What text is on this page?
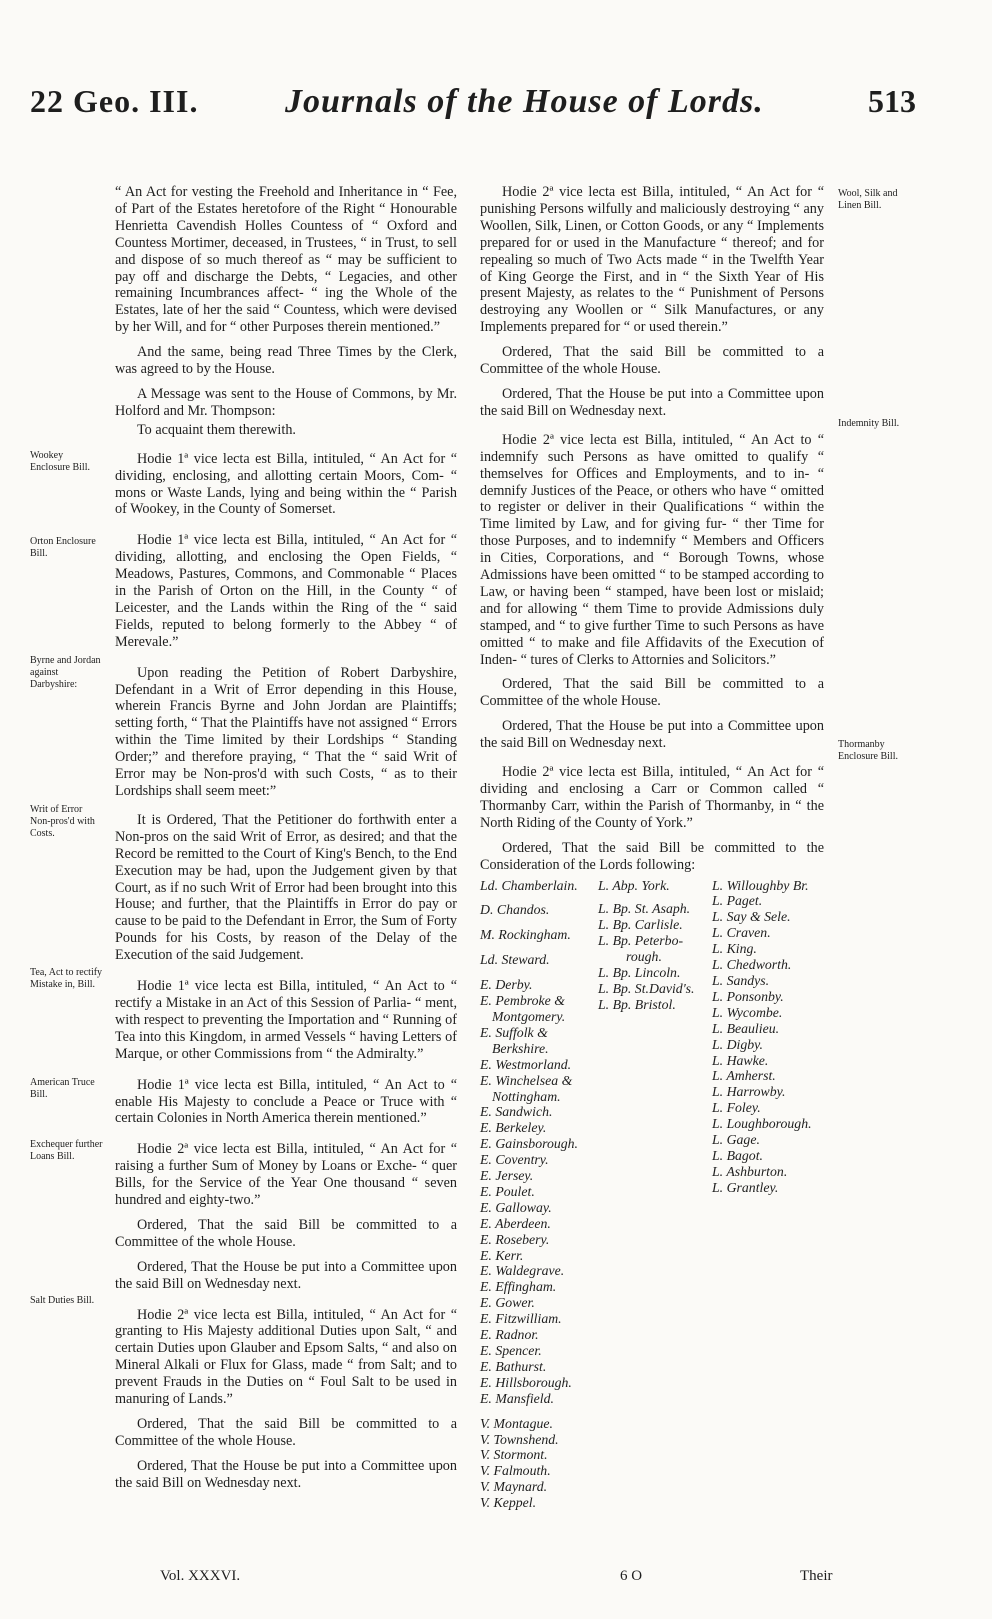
22 Geo. III.	Journals of the House of Lords.	513
Wookey Enclosure Bill.
Orton Enclosure Bill.
Byrne and Jordan against Darbyshire:
Writ of Error Non-pros'd with Costs.
Tea, Act to rectify Mistake in, Bill.
American Truce Bill.
Exchequer further Loans Bill.
Salt Duties Bill.
Wool, Silk and Linen Bill.
Indemnity Bill.
Thormanby Enclosure Bill.

“ An Act for vesting the Freehold and Inheritance in “ Fee, of Part of the Estates heretofore of the Right “ Honourable Henrietta Cavendish Holles Countess of “ Oxford and Countess Mortimer, deceased, in Trustees, “ in Trust, to sell and dispose of so much thereof as “ may be sufficient to pay off and discharge the Debts, “ Legacies, and other remaining Incumbrances affect- “ ing the Whole of the Estates, late of her the said “ Countess, which were devised by her Will, and for “ other Purposes therein mentioned.”

And the same, being read Three Times by the Clerk, was agreed to by the House.

A Message was sent to the House of Commons, by Mr. Holford and Mr. Thompson:

To acquaint them therewith.

Hodie 1ª vice lecta est Billa, intituled, “ An Act for “ dividing, enclosing, and allotting certain Moors, Com- “ mons or Waste Lands, lying and being within the “ Parish of Wookey, in the County of Somerset.

Hodie 1ª vice lecta est Billa, intituled, “ An Act for “ dividing, allotting, and enclosing the Open Fields, “ Meadows, Pastures, Commons, and Commonable “ Places in the Parish of Orton on the Hill, in the County “ of Leicester, and the Lands within the Ring of the “ said Fields, reputed to belong formerly to the Abbey “ of Merevale.”

Upon reading the Petition of Robert Darbyshire, Defendant in a Writ of Error depending in this House, wherein Francis Byrne and John Jordan are Plaintiffs; setting forth, “ That the Plaintiffs have not assigned “ Errors within the Time limited by their Lordships “ Standing Order;” and therefore praying, “ That the “ said Writ of Error may be Non-pros'd with such Costs, “ as to their Lordships shall seem meet:”

It is Ordered, That the Petitioner do forthwith enter a Non-pros on the said Writ of Error, as desired; and that the Record be remitted to the Court of King's Bench, to the End Execution may be had, upon the Judgement given by that Court, as if no such Writ of Error had been brought into this House; and further, that the Plaintiffs in Error do pay or cause to be paid to the Defendant in Error, the Sum of Forty Pounds for his Costs, by reason of the Delay of the Execution of the said Judgement.

Hodie 1ª vice lecta est Billa, intituled, “ An Act to “ rectify a Mistake in an Act of this Session of Parlia- “ ment, with respect to preventing the Importation and “ Running of Tea into this Kingdom, in armed Vessels “ having Letters of Marque, or other Commissions from “ the Admiralty.”

Hodie 1ª vice lecta est Billa, intituled, “ An Act to “ enable His Majesty to conclude a Peace or Truce with “ certain Colonies in North America therein mentioned.”

Hodie 2ª vice lecta est Billa, intituled, “ An Act for “ raising a further Sum of Money by Loans or Exche- “ quer Bills, for the Service of the Year One thousand “ seven hundred and eighty-two.”

Ordered, That the said Bill be committed to a Committee of the whole House.

Ordered, That the House be put into a Committee upon the said Bill on Wednesday next.

Hodie 2ª vice lecta est Billa, intituled, “ An Act for “ granting to His Majesty additional Duties upon Salt, “ and certain Duties upon Glauber and Epsom Salts, “ and also on Mineral Alkali or Flux for Glass, made “ from Salt; and to prevent Frauds in the Duties on “ Foul Salt to be used in manuring of Lands.”

Ordered, That the said Bill be committed to a Committee of the whole House.

Ordered, That the House be put into a Committee upon the said Bill on Wednesday next.

Hodie 2ª vice lecta est Billa, intituled, “ An Act for “ punishing Persons wilfully and maliciously destroying “ any Woollen, Silk, Linen, or Cotton Goods, or any “ Implements prepared for or used in the Manufacture “ thereof; and for repealing so much of Two Acts made “ in the Twelfth Year of King George the First, and in “ the Sixth Year of His present Majesty, as relates to the “ Punishment of Persons destroying any Woollen or “ Silk Manufactures, or any Implements prepared for “ or used therein.”

Ordered, That the said Bill be committed to a Committee of the whole House.

Ordered, That the House be put into a Committee upon the said Bill on Wednesday next.

Hodie 2ª vice lecta est Billa, intituled, “ An Act to “ indemnify such Persons as have omitted to qualify “ themselves for Offices and Employments, and to in- “ demnify Justices of the Peace, or others who have “ omitted to register or deliver in their Qualifications “ within the Time limited by Law, and for giving fur- “ ther Time for those Purposes, and to indemnify “ Members and Officers in Cities, Corporations, and “ Borough Towns, whose Admissions have been omitted “ to be stamped according to Law, or having been “ stamped, have been lost or mislaid; and for allowing “ them Time to provide Admissions duly stamped, and “ to give further Time to such Persons as have omitted “ to make and file Affidavits of the Execution of Inden- “ tures of Clerks to Attornies and Solicitors.”

Ordered, That the said Bill be committed to a Committee of the whole House.

Ordered, That the House be put into a Committee upon the said Bill on Wednesday next.

Hodie 2ª vice lecta est Billa, intituled, “ An Act for “ dividing and enclosing a Carr or Common called “ Thormanby Carr, within the Parish of Thormanby, in “ the North Riding of the County of York.”

Ordered, That the said Bill be committed to the Consideration of the Lords following:

Ld. Chamberlain.
D. Chandos.
M. Rockingham.
Ld. Steward.
E. Derby.
E. Pembroke &
Montgomery.
E. Suffolk &
Berkshire.
E. Westmorland.
E. Winchelsea &
Nottingham.
E. Sandwich.
E. Berkeley.
E. Gainsborough.
E. Coventry.
E. Jersey.
E. Poulet.
E. Galloway.
E. Aberdeen.
E. Rosebery.
E. Kerr.
E. Waldegrave.
E. Effingham.
E. Gower.
E. Fitzwilliam.
E. Radnor.
E. Spencer.
E. Bathurst.
E. Hillsborough.
E. Mansfield.
V. Montague.
V. Townshend.
V. Stormont.
V. Falmouth.
V. Maynard.
V. Keppel.
L. Abp. York.
L. Bp. St. Asaph.
L. Bp. Carlisle.
L. Bp. Peterbo-
rough.
L. Bp. Lincoln.
L. Bp. St.David's.
L. Bp. Bristol.
L. Willoughby Br.
L. Paget.
L. Say & Sele.
L. Craven.
L. King.
L. Chedworth.
L. Sandys.
L. Ponsonby.
L. Wycombe.
L. Beaulieu.
L. Digby.
L. Hawke.
L. Amherst.
L. Harrowby.
L. Foley.
L. Loughborough.
L. Gage.
L. Bagot.
L. Ashburton.
L. Grantley.
Vol. XXXVI.	6 O	Their
